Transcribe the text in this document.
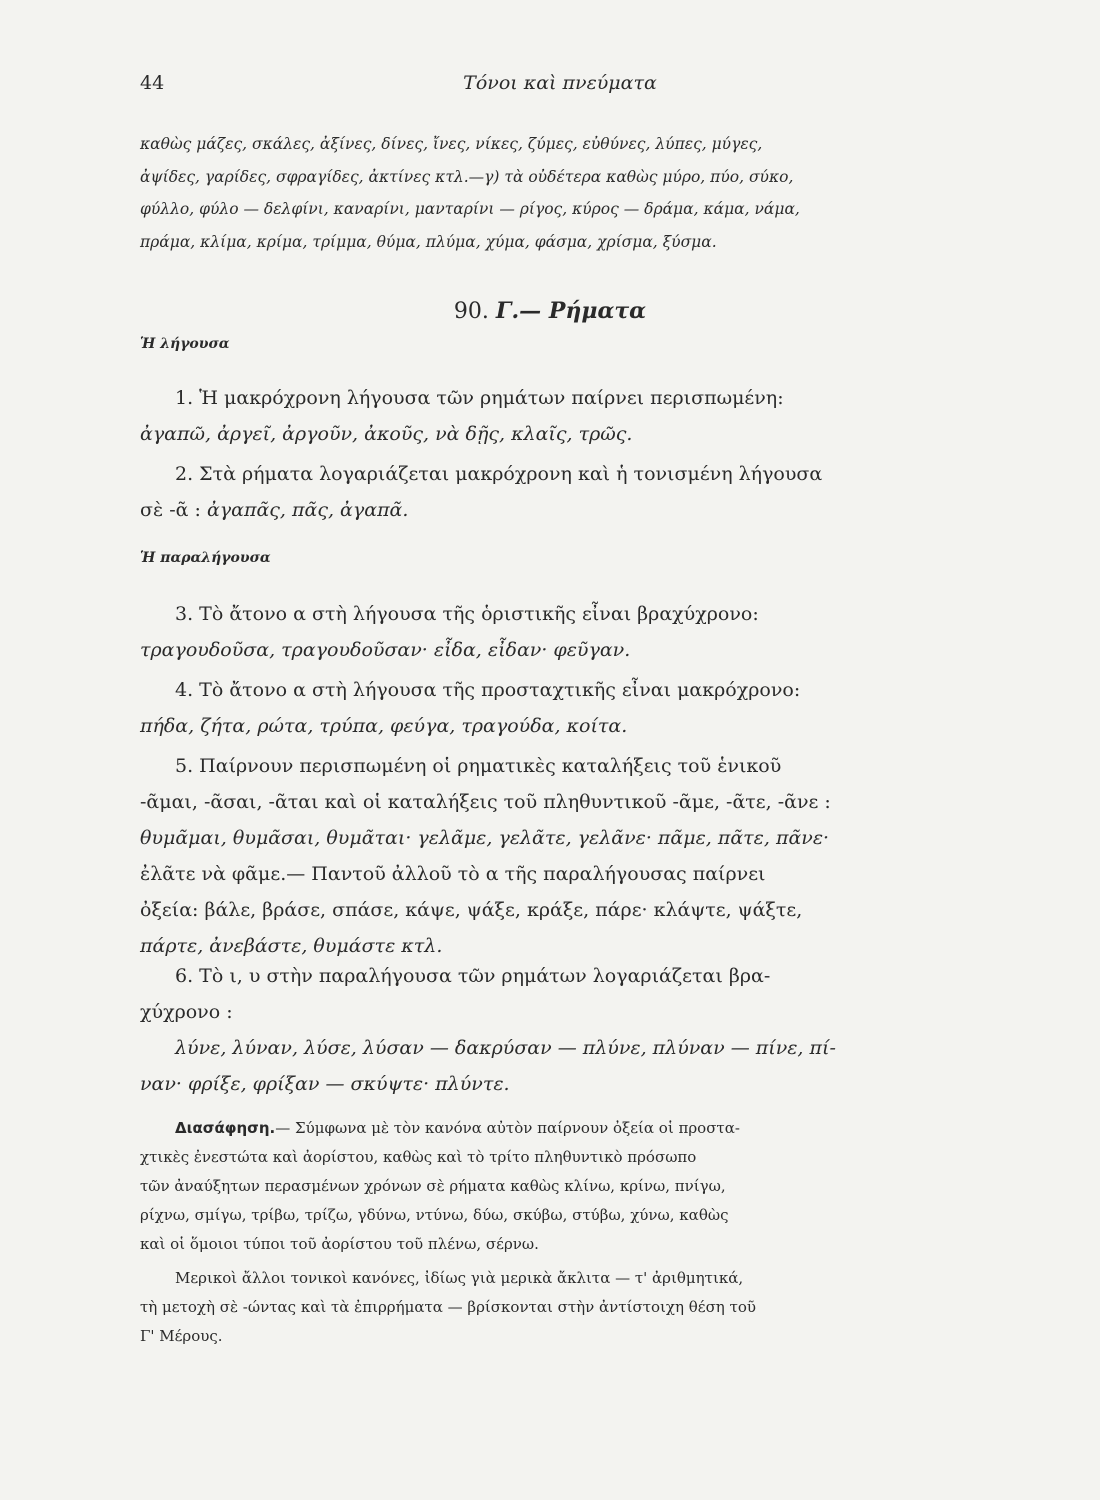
44	Τόνοι καὶ πνεύματα
καθὼς μάζες, σκάλες, ἀξίνες, δίνες, ἴνες, νίκες, ζύμες, εὐθύνες, λύπες, μύγες,
ἀψίδες, γαρίδες, σφραγίδες, ἀκτίνες κτλ.—γ) τὰ οὐδέτερα καθὼς μύρο, πύο, σύκο,
φύλλο, φύλο — δελφίνι, καναρίνι, μανταρίνι — ρίγος, κύρος — δράμα, κάμα, νάμα,
πράμα, κλίμα, κρίμα, τρίμμα, θύμα, πλύμα, χύμα, φάσμα, χρίσμα, ξύσμα.
90. Γ.— Ρήματα
Ἡ λήγουσα
1. Ἡ μακρόχρονη λήγουσα τῶν ρημάτων παίρνει περισπωμένη:
ἀγαπῶ, ἀργεῖ, ἀργοῦν, ἀκοῦς, νὰ δῇς, κλαῖς, τρῶς.
2. Στὰ ρήματα λογαριάζεται μακρόχρονη καὶ ἡ τονισμένη λήγουσα
σὲ -ᾶ : ἀγαπᾶς, πᾶς, ἀγαπᾶ.
Ἡ παραλήγουσα
3. Τὸ ἄτονο α στὴ λήγουσα τῆς ὁριστικῆς εἶναι βραχύχρονο:
τραγουδοῦσα, τραγουδοῦσαν· εἶδα, εἶδαν· φεῦγαν.
4. Τὸ ἄτονο α στὴ λήγουσα τῆς προσταχτικῆς εἶναι μακρόχρονο:
πήδα, ζήτα, ρώτα, τρύπα, φεύγα, τραγούδα, κοίτα.
5. Παίρνουν περισπωμένη οἱ ρηματικὲς καταλήξεις τοῦ ἑνικοῦ
-ᾶμαι, -ᾶσαι, -ᾶται καὶ οἱ καταλήξεις τοῦ πληθυντικοῦ -ᾶμε, -ᾶτε, -ᾶνε :
θυμᾶμαι, θυμᾶσαι, θυμᾶται· γελᾶμε, γελᾶτε, γελᾶνε· πᾶμε, πᾶτε, πᾶνε·
ἐλᾶτε νὰ φᾶμε.— Παντοῦ ἀλλοῦ τὸ α τῆς παραλήγουσας παίρνει
ὀξεία: βάλε, βράσε, σπάσε, κάψε, ψάξε, κράξε, πάρε· κλάψτε, ψάξτε,
πάρτε, ἀνεβάστε, θυμάστε κτλ.
6. Τὸ ι, υ στὴν παραλήγουσα τῶν ρημάτων λογαριάζεται βρα-
χύχρονο :
λύνε, λύναν, λύσε, λύσαν — δακρύσαν — πλύνε, πλύναν — πίνε, πί-
ναν· φρίξε, φρίξαν — σκύψτε· πλύντε.
Διασάφηση.— Σύμφωνα μὲ τὸν κανόνα αὐτὸν παίρνουν ὀξεία οἱ προστα-
χτικὲς ἐνεστώτα καὶ ἀορίστου, καθὼς καὶ τὸ τρίτο πληθυντικὸ πρόσωπο
τῶν ἀναύξητων περασμένων χρόνων σὲ ρήματα καθὼς κλίνω, κρίνω, πνίγω,
ρίχνω, σμίγω, τρίβω, τρίζω, γδύνω, ντύνω, δύω, σκύβω, στύβω, χύνω, καθὼς
καὶ οἱ ὅμοιοι τύποι τοῦ ἀορίστου τοῦ πλένω, σέρνω.
Μερικοὶ ἄλλοι τονικοὶ κανόνες, ἰδίως γιὰ μερικὰ ἄκλιτα — τ' ἀριθμητικά,
τὴ μετοχὴ σὲ -ώντας καὶ τὰ ἐπιρρήματα — βρίσκονται στὴν ἀντίστοιχη θέση τοῦ
Γ' Μέρους.
